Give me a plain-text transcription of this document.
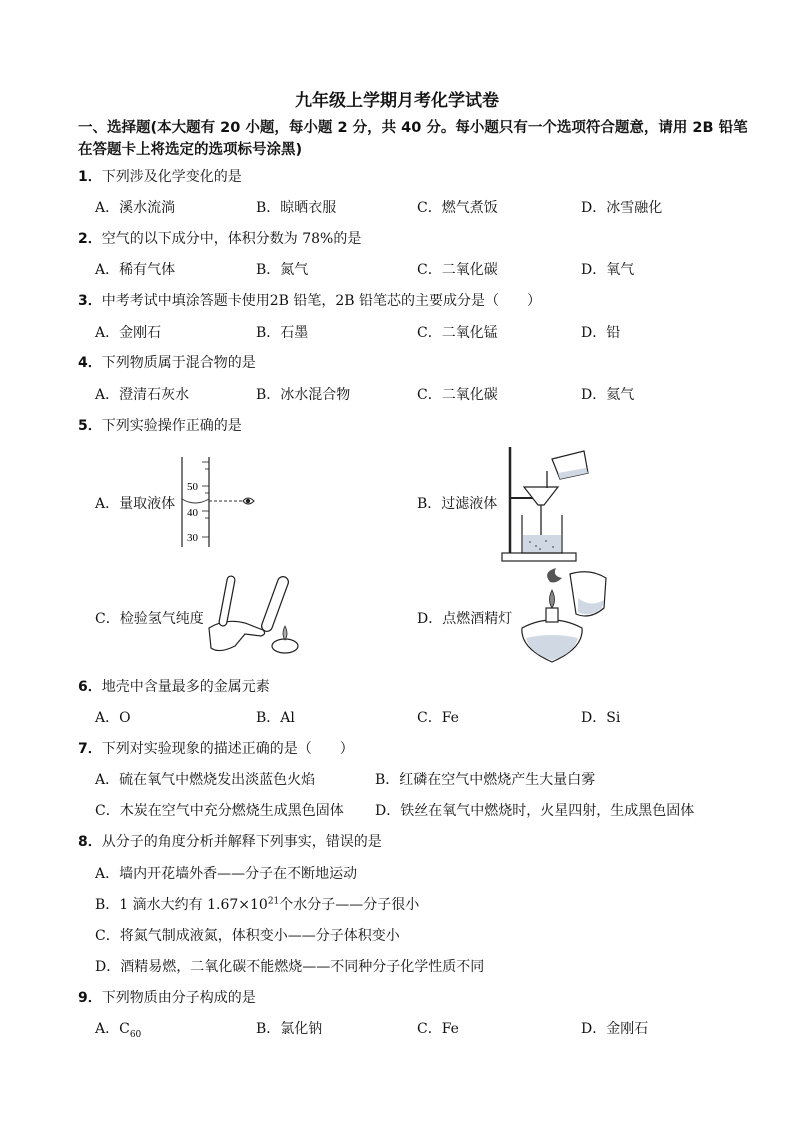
九年级上学期月考化学试卷
一、选择题(本大题有 20 小题，每小题 2 分，共 40 分。每小题只有一个选项符合题意，请用 2B 铅笔在答题卡上将选定的选项标号涂黑)
1．下列涉及化学变化的是
A．溪水流淌	B．晾晒衣服	C．燃气煮饭	D．冰雪融化
2．空气的以下成分中，体积分数为 78%的是
A．稀有气体	B．氮气	C．二氧化碳	D．氧气
3．中考考试中填涂答题卡使用2B 铅笔，2B 铅笔芯的主要成分是（　　）
A．金刚石	B．石墨	C．二氧化锰	D．铅
4．下列物质属于混合物的是
A．澄清石灰水	B．冰水混合物	C．二氧化碳	D．氦气
5．下列实验操作正确的是
A．量取液体
50
40
30
B．过滤液体
C．检验氢气纯度	D．点燃酒精灯
6．地壳中含量最多的金属元素
A．O	B．Al	C．Fe	D．Si
7．下列对实验现象的描述正确的是（　　）
A．硫在氧气中燃烧发出淡蓝色火焰	B．红磷在空气中燃烧产生大量白雾
C．木炭在空气中充分燃烧生成黑色固体 D．铁丝在氧气中燃烧时，火星四射，生成黑色固体
8．从分子的角度分析并解释下列事实，错误的是
A．墙内开花墙外香——分子在不断地运动
B．1 滴水大约有 $1.67\times 10^{21}$个水分子——分子很小
C．将氮气制成液氮，体积变小——分子体积变小
D．酒精易燃，二氧化碳不能燃烧——不同种分子化学性质不同
9．下列物质由分子构成的是
A．$C_{60}$	B．氯化钠	C．Fe	D．金刚石
